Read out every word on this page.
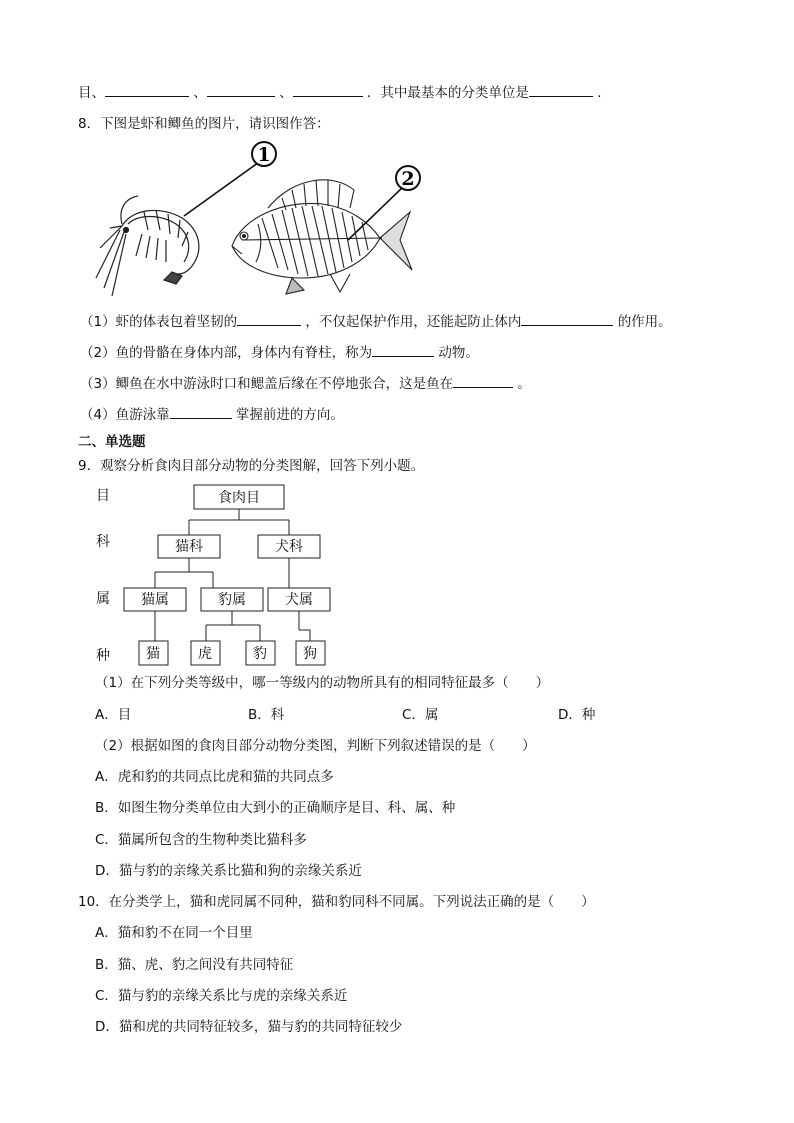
目、	、	、	．其中最基本的分类单位是	．
8．下图是虾和鲫鱼的图片，请识图作答：
1
2
（1）虾的体表包着坚韧的	，不仅起保护作用，还能起防止体内	的作用。
（2）鱼的骨骼在身体内部，身体内有脊柱，称为	动物。
（3）鲫鱼在水中游泳时口和鳃盖后缘在不停地张合，这是鱼在	。
（4）鱼游泳靠	掌握前进的方向。
二、单选题
9．观察分析食肉目部分动物的分类图解，回答下列小题。
目
科
属
种
食肉目
猫科	犬科
猫属	豹属	犬属
猫	虎	豹	狗
（1）在下列分类等级中，哪一等级内的动物所具有的相同特征最多（　　）
A．目	B．科	C．属	D．种
（2）根据如图的食肉目部分动物分类图，判断下列叙述错误的是（　　）
A．虎和豹的共同点比虎和猫的共同点多
B．如图生物分类单位由大到小的正确顺序是目、科、属、种
C．猫属所包含的生物种类比猫科多
D．猫与豹的亲缘关系比猫和狗的亲缘关系近
10．在分类学上，猫和虎同属不同种，猫和豹同科不同属。下列说法正确的是（　　）
A．猫和豹不在同一个目里
B．猫、虎、豹之间没有共同特征
C．猫与豹的亲缘关系比与虎的亲缘关系近
D．猫和虎的共同特征较多，猫与豹的共同特征较少
